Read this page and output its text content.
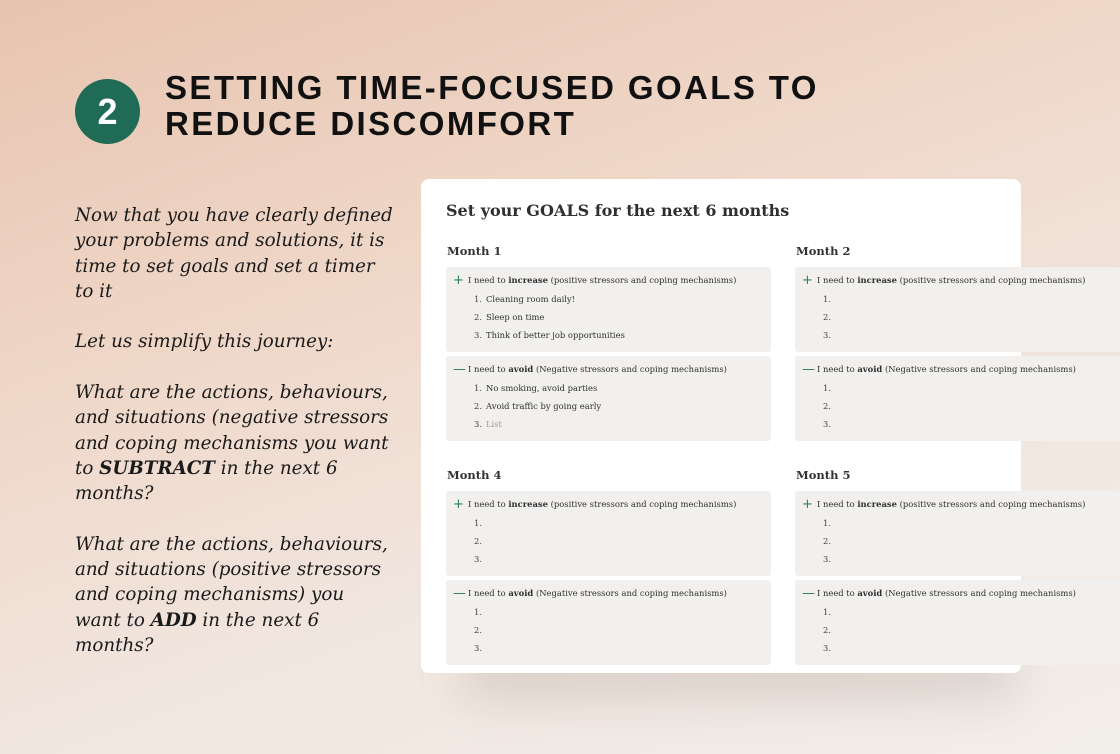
2
SETTING TIME-FOCUSED GOALS TO
REDUCE DISCOMFORT

Now that you have clearly defined your problems and solutions, it is time to set goals and set a timer to it

Let us simplify this journey:

What are the actions, behaviours, and situations (negative stressors and coping mechanisms you want to SUBTRACT in the next 6 months?

What are the actions, behaviours, and situations (positive stressors and coping mechanisms) you want to ADD in the next 6 months?

Set your GOALS for the next 6 months
Month 1
+ I need to increase (positive stressors and coping mechanisms)
1. Cleaning room daily!
2. Sleep on time
3. Think of better job opportunities
— I need to avoid (Negative stressors and coping mechanisms)
1. No smoking, avoid parties
2. Avoid traffic by going early
3. List
Month 2
+ I need to increase (positive stressors and coping mechanisms)
1.
2.
3.
— I need to avoid (Negative stressors and coping mechanisms)
1.
2.
3.
Month 4
+ I need to increase (positive stressors and coping mechanisms)
1.
2.
3.
— I need to avoid (Negative stressors and coping mechanisms)
1.
2.
3.
Month 5
+ I need to increase (positive stressors and coping mechanisms)
1.
2.
3.
— I need to avoid (Negative stressors and coping mechanisms)
1.
2.
3.
